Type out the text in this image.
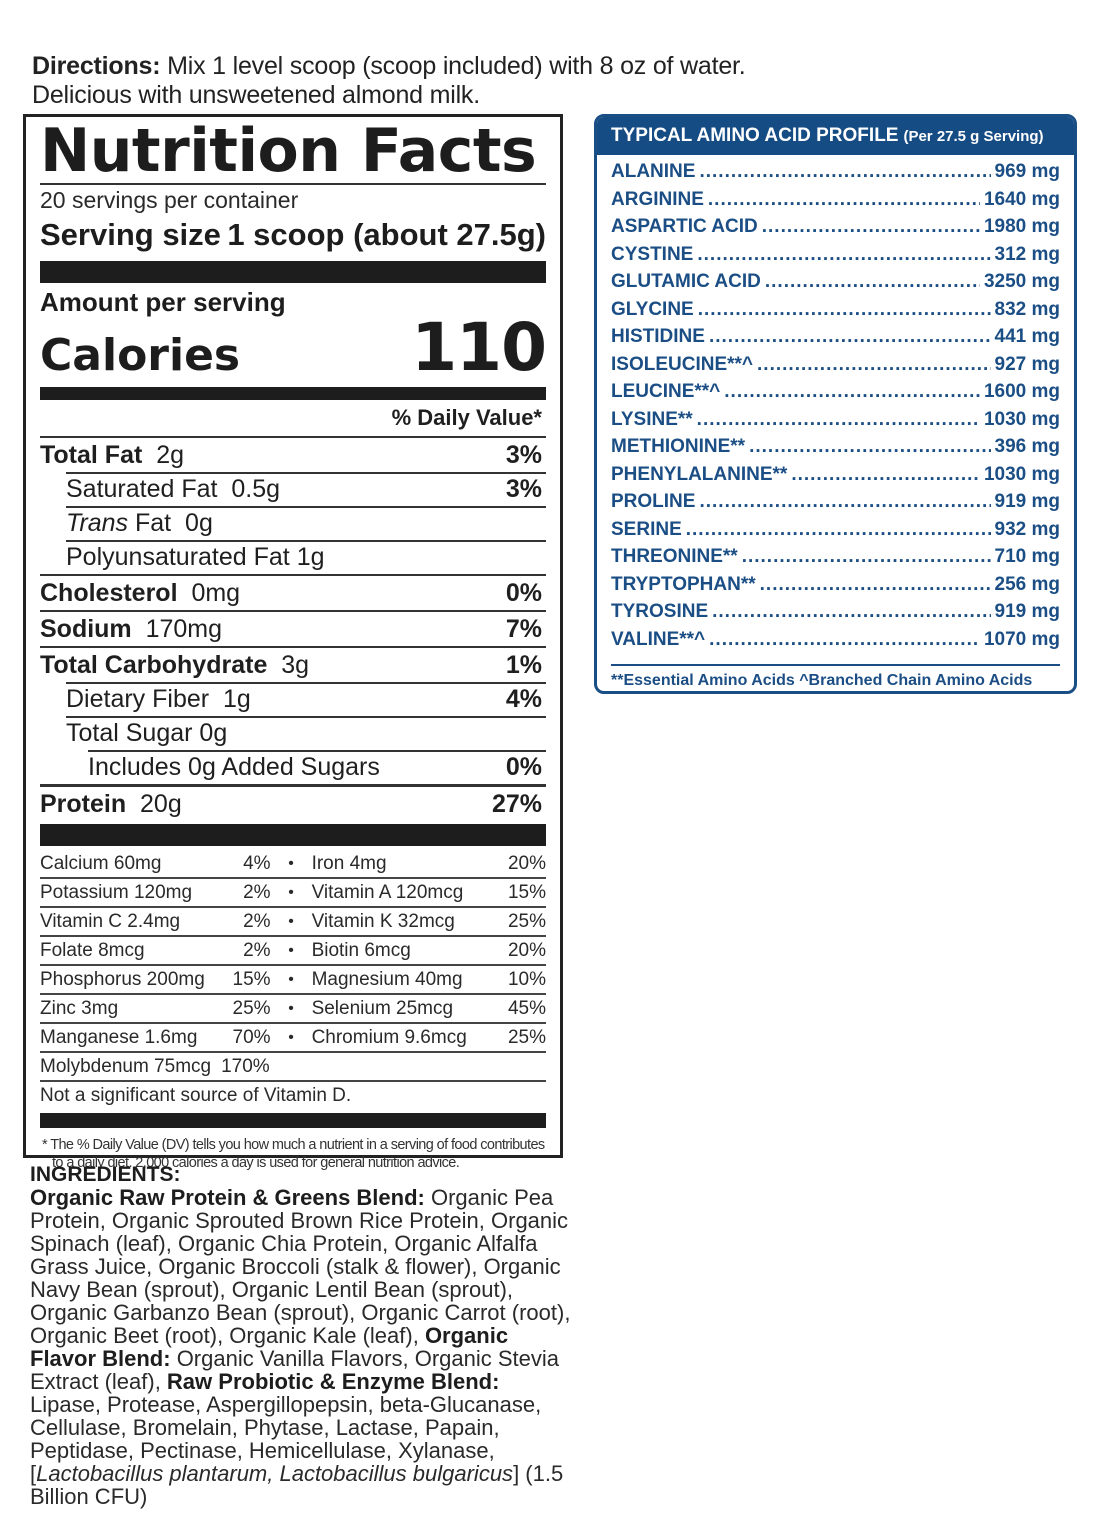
Directions: Mix 1 level scoop (scoop included) with 8 oz of water.
Delicious with unsweetened almond milk.
Nutrition Facts
20 servings per container
Serving size 1 scoop (about 27.5g)
Amount per serving
Calories	110
% Daily Value*
Total Fat 2g	3%
Saturated Fat 0.5g	3%
Trans Fat 0g
Polyunsaturated Fat 1g
Cholesterol 0mg	0%
Sodium 170mg	7%
Total Carbohydrate 3g	1%
Dietary Fiber 1g	4%
Total Sugar 0g
Includes 0g Added Sugars	0%
Protein 20g	27%
Calcium 60mg	4%	• Iron 4mg	20%
Potassium 120mg	2%	• Vitamin A 120mcg	15%
Vitamin C 2.4mg	2%	• Vitamin K 32mcg	25%
Folate 8mcg	2%	• Biotin 6mcg	20%
Phosphorus 200mg	15%	• Magnesium 40mg	10%
Zinc 3mg	25%	• Selenium 25mcg	45%
Manganese 1.6mg	70%	• Chromium 9.6mcg	25%
Molybdenum 75mcg 170%
Not a significant source of Vitamin D.
* The % Daily Value (DV) tells you how much a nutrient in a serving of food contributes
to a daily diet. 2,000 calories a day is used for general nutrition advice.
INGREDIENTS:
Organic Raw Protein & Greens Blend: Organic Pea Protein, Organic Sprouted Brown Rice Protein, Organic Spinach (leaf), Organic Chia Protein, Organic Alfalfa Grass Juice, Organic Broccoli (stalk & flower), Organic Navy Bean (sprout), Organic Lentil Bean (sprout), Organic Garbanzo Bean (sprout), Organic Carrot (root), Organic Beet (root), Organic Kale (leaf), Organic Flavor Blend: Organic Vanilla Flavors, Organic Stevia Extract (leaf), Raw Probiotic & Enzyme Blend: Lipase, Protease, Aspergillopepsin, beta-Glucanase, Cellulase, Bromelain, Phytase, Lactase, Papain, Peptidase, Pectinase, Hemicellulase, Xylanase, [Lactobacillus plantarum, Lactobacillus bulgaricus] (1.5 Billion CFU)
TYPICAL AMINO ACID PROFILE (Per 27.5 g Serving)
ALANINE .....	969 mg
ARGININE .....	1640 mg
ASPARTIC ACID .....	1980 mg
CYSTINE .....	312 mg
GLUTAMIC ACID .....	3250 mg
GLYCINE .....	832 mg
HISTIDINE .....	441 mg
ISOLEUCINE**^ .....	927 mg
LEUCINE**^ .....	1600 mg
LYSINE** .....	1030 mg
METHIONINE** .....	396 mg
PHENYLALANINE** .....	1030 mg
PROLINE .....	919 mg
SERINE .....	932 mg
THREONINE** .....	710 mg
TRYPTOPHAN** .....	256 mg
TYROSINE .....	919 mg
VALINE**^ .....	1070 mg
**Essential Amino Acids ^Branched Chain Amino Acids
